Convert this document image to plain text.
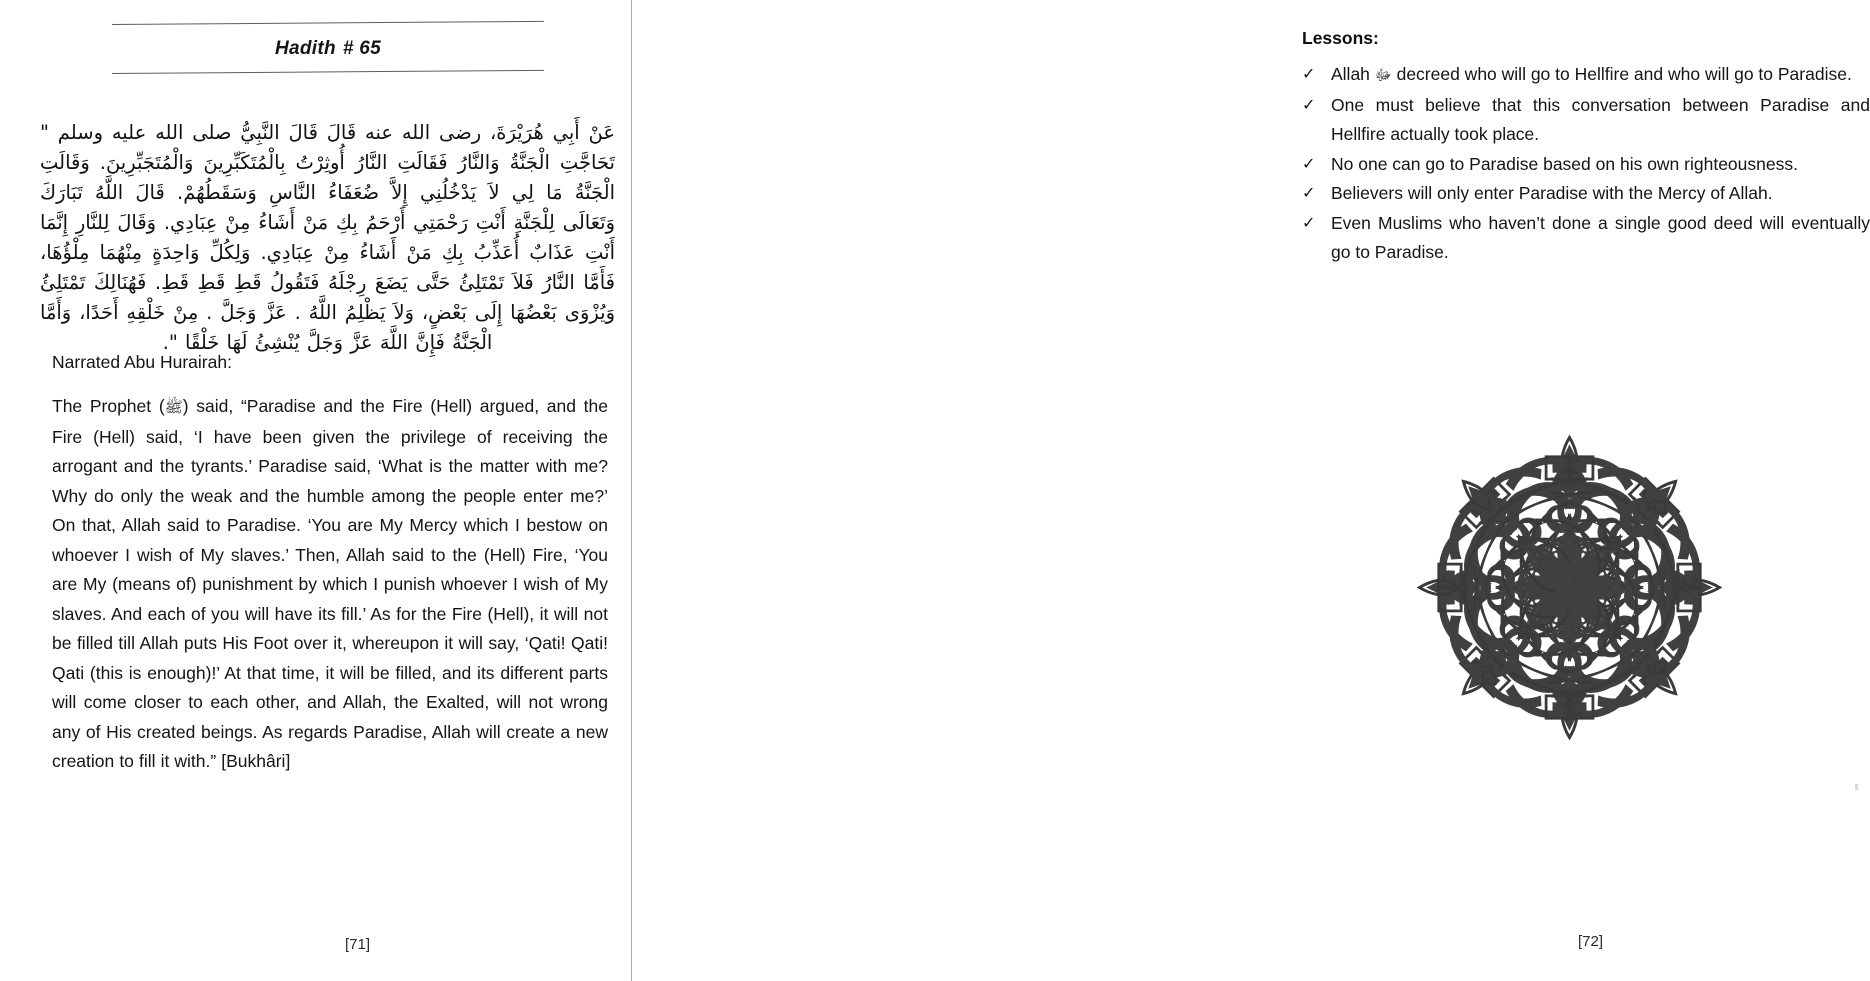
Hadith # 65
عَنْ أَبِي هُرَيْرَةَ، رضى الله عنه قَالَ قَالَ النَّبِيُّ صلى الله عليه وسلم " تَحَاجَّتِ الْجَنَّةُ وَالنَّارُ فَقَالَتِ النَّارُ أُوثِرْتُ بِالْمُتَكَبِّرِينَ وَالْمُتَجَبِّرِينَ. وَقَالَتِ الْجَنَّةُ مَا لِي لاَ يَدْخُلُنِي إِلاَّ ضُعَفَاءُ النَّاسِ وَسَقَطُهُمْ. قَالَ اللَّهُ تَبَارَكَ وَتَعَالَى لِلْجَنَّةِ أَنْتِ رَحْمَتِي أَرْحَمُ بِكِ مَنْ أَشَاءُ مِنْ عِبَادِي. وَقَالَ لِلنَّارِ إِنَّمَا أَنْتِ عَذَابٌ أُعَذِّبُ بِكِ مَنْ أَشَاءُ مِنْ عِبَادِي. وَلِكُلِّ وَاحِدَةٍ مِنْهُمَا مِلْؤُهَا، فَأَمَّا النَّارُ فَلاَ تَمْتَلِئُ حَتَّى يَضَعَ رِجْلَهُ فَتَقُولُ قَطِ قَطِ قَطِ. فَهُنَالِكَ تَمْتَلِئُ وَيُزْوَى بَعْضُهَا إِلَى بَعْضٍ، وَلاَ يَظْلِمُ اللَّهُ . عَزَّ وَجَلَّ . مِنْ خَلْقِهِ أَحَدًا، وَأَمَّا الْجَنَّةُ فَإِنَّ اللَّهَ عَزَّ وَجَلَّ يُنْشِئُ لَهَا خَلْقًا ".
Narrated Abu Hurairah:
The Prophet (ﷺ) said, “Paradise and the Fire (Hell) argued, and the Fire (Hell) said, ‘I have been given the privilege of receiving the arrogant and the tyrants.’ Paradise said, ‘What is the matter with me? Why do only the weak and the humble among the people enter me?’ On that, Allah said to Paradise. ‘You are My Mercy which I bestow on whoever I wish of My slaves.’ Then, Allah said to the (Hell) Fire, ‘You are My (means of) punishment by which I punish whoever I wish of My slaves. And each of you will have its fill.’ As for the Fire (Hell), it will not be filled till Allah puts His Foot over it, whereupon it will say, ‘Qati! Qati! Qati (this is enough)!’ At that time, it will be filled, and its different parts will come closer to each other, and Allah, the Exalted, will not wrong any of His created beings. As regards Paradise, Allah will create a new creation to fill it with.” [Bukhâri]
[71]
Lessons:
✓ Allah ﷻ decreed who will go to Hellfire and who will go to Paradise.
✓ One must believe that this conversation between Paradise and Hellfire actually took place.
✓ No one can go to Paradise based on his own righteousness.
✓ Believers will only enter Paradise with the Mercy of Allah.
✓ Even Muslims who haven’t done a single good deed will eventually go to Paradise.
[72]
